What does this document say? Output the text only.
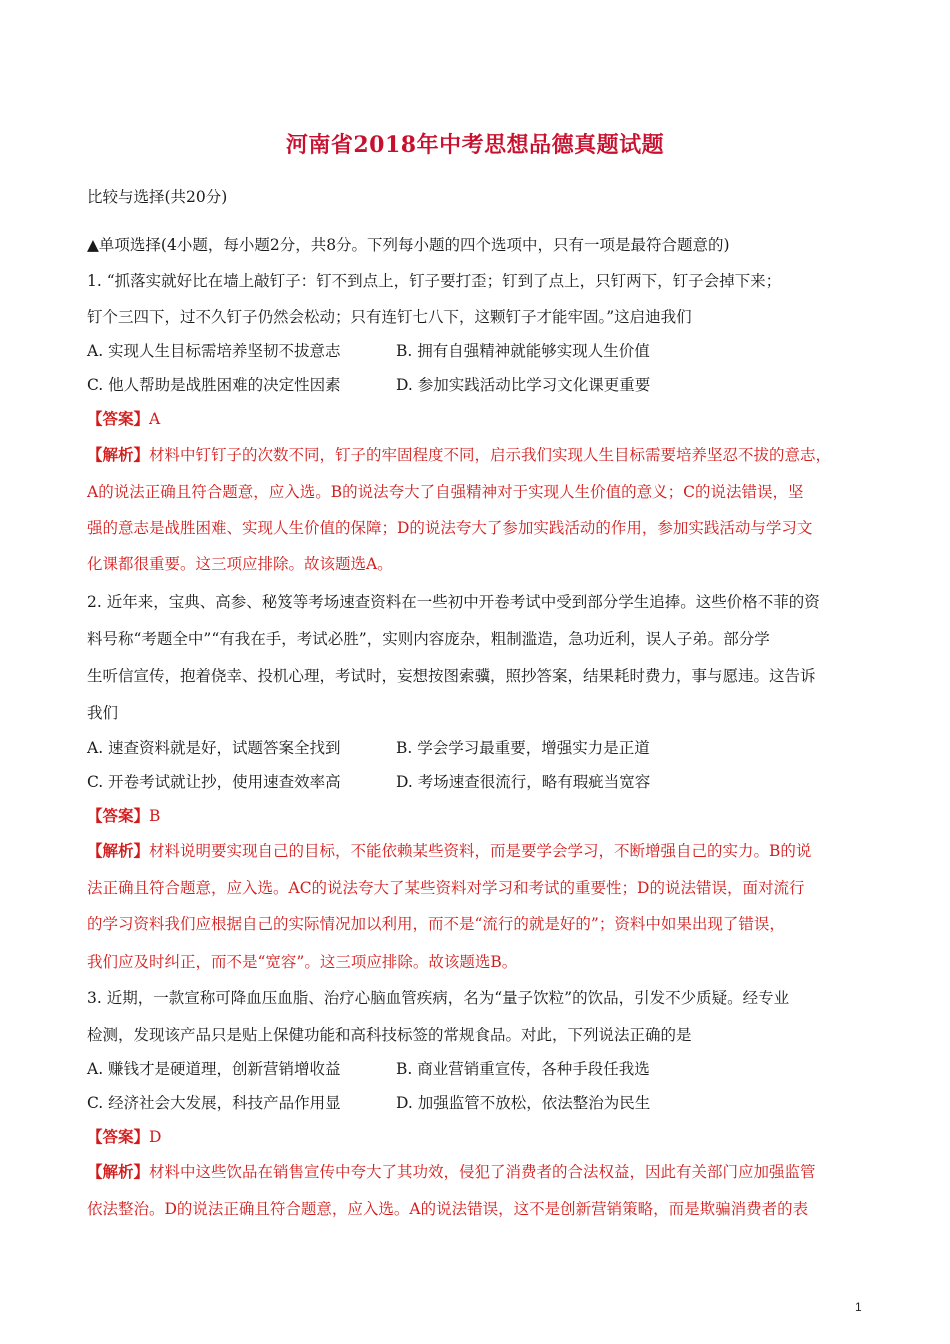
河南省2018年中考思想品德真题试题
比较与选择(共20分)
▲单项选择(4小题，每小题2分，共8分。下列每小题的四个选项中，只有一项是最符合题意的)
1. “抓落实就好比在墙上敲钉子：钉不到点上，钉子要打歪；钉到了点上，只钉两下，钉子会掉下来；
钉个三四下，过不久钉子仍然会松动；只有连钉七八下，这颗钉子才能牢固。”这启迪我们
A. 实现人生目标需培养坚韧不拔意志	B. 拥有自强精神就能够实现人生价值
C. 他人帮助是战胜困难的决定性因素	D. 参加实践活动比学习文化课更重要
【答案】A
【解析】材料中钉钉子的次数不同，钉子的牢固程度不同，启示我们实现人生目标需要培养坚忍不拔的意志，
A的说法正确且符合题意，应入选。B的说法夸大了自强精神对于实现人生价值的意义；C的说法错误，坚
强的意志是战胜困难、实现人生价值的保障；D的说法夸大了参加实践活动的作用，参加实践活动与学习文
化课都很重要。这三项应排除。故该题选A。
2. 近年来，宝典、高参、秘笈等考场速查资料在一些初中开卷考试中受到部分学生追捧。这些价格不菲的资
料号称“考题全中”“有我在手，考试必胜”，实则内容庞杂，粗制滥造，急功近利，误人子弟。部分学
生听信宣传，抱着侥幸、投机心理，考试时，妄想按图索骥，照抄答案，结果耗时费力，事与愿违。这告诉
我们
A. 速查资料就是好，试题答案全找到	B. 学会学习最重要，增强实力是正道
C. 开卷考试就让抄，使用速查效率高	D. 考场速查很流行，略有瑕疵当宽容
【答案】B
【解析】材料说明要实现自己的目标，不能依赖某些资料，而是要学会学习，不断增强自己的实力。B的说
法正确且符合题意，应入选。AC的说法夸大了某些资料对学习和考试的重要性；D的说法错误，面对流行
的学习资料我们应根据自己的实际情况加以利用，而不是“流行的就是好的”；资料中如果出现了错误，
我们应及时纠正，而不是“宽容”。这三项应排除。故该题选B。
3. 近期，一款宣称可降血压血脂、治疗心脑血管疾病，名为“量子饮粒”的饮品，引发不少质疑。经专业
检测，发现该产品只是贴上保健功能和高科技标签的常规食品。对此，下列说法正确的是
A. 赚钱才是硬道理，创新营销增收益	B. 商业营销重宣传，各种手段任我选
C. 经济社会大发展，科技产品作用显	D. 加强监管不放松，依法整治为民生
【答案】D
【解析】材料中这些饮品在销售宣传中夸大了其功效，侵犯了消费者的合法权益，因此有关部门应加强监管
依法整治。D的说法正确且符合题意，应入选。A的说法错误，这不是创新营销策略，而是欺骗消费者的表
1
